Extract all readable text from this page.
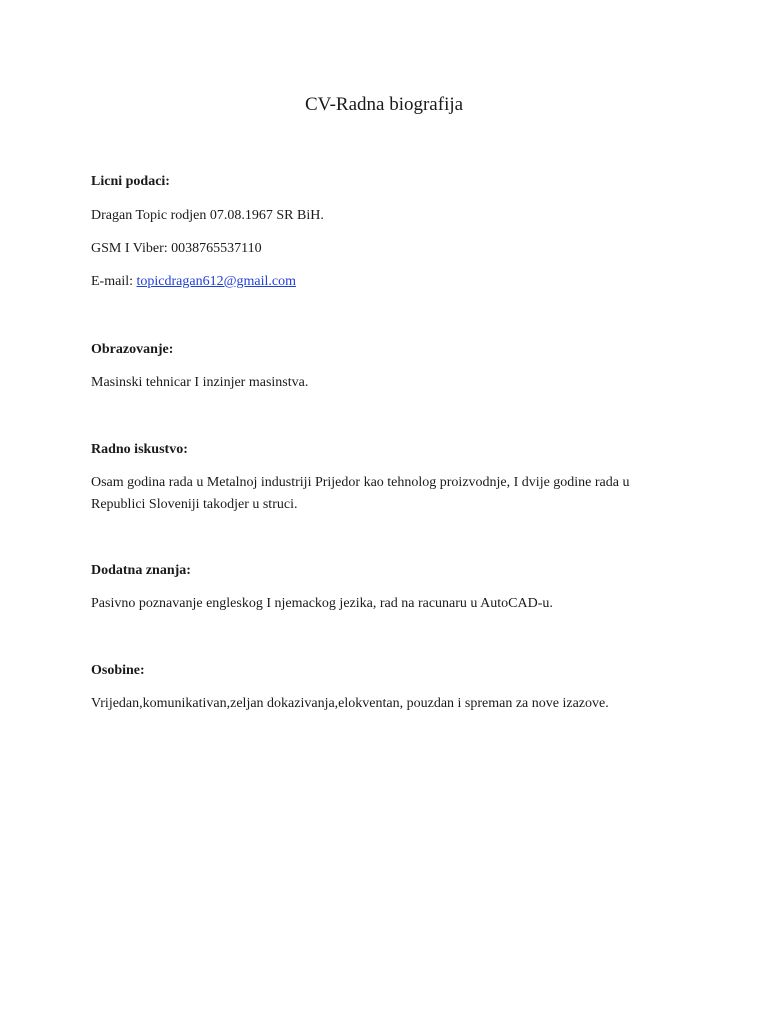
CV-Radna biografija
Licni podaci:

Dragan Topic rodjen 07.08.1967 SR BiH.

GSM I Viber: 0038765537110

E-mail: topicdragan612@gmail.com

Obrazovanje:

Masinski tehnicar I inzinjer masinstva.

Radno iskustvo:

Osam godina rada u Metalnoj industriji Prijedor kao tehnolog proizvodnje, I dvije godine rada u Republici Sloveniji takodjer u struci.

Dodatna znanja:

Pasivno poznavanje engleskog I njemackog jezika, rad na racunaru u AutoCAD-u.

Osobine:

Vrijedan,komunikativan,zeljan dokazivanja,elokventan, pouzdan i spreman za nove izazove.
